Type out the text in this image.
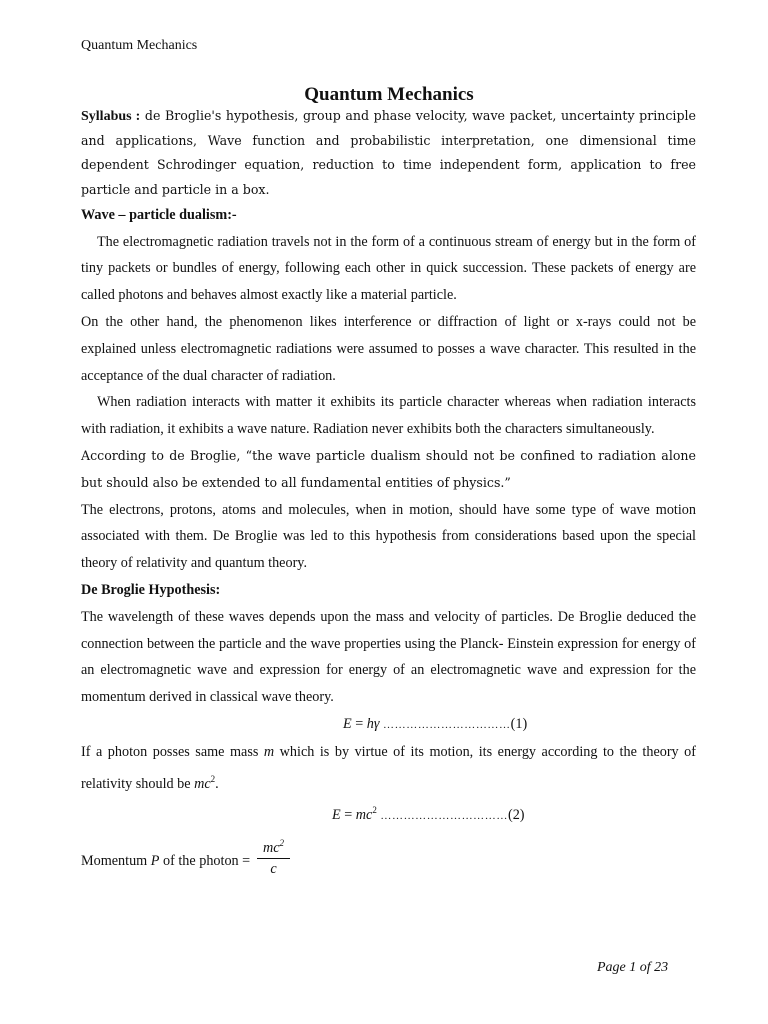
Quantum Mechanics
Quantum Mechanics

Syllabus : de Broglie's hypothesis, group and phase velocity, wave packet, uncertainty principle and applications, Wave function and probabilistic interpretation, one dimensional time dependent Schrodinger equation, reduction to time independent form, application to free particle and particle in a box.

Wave – particle dualism:-

The electromagnetic radiation travels not in the form of a continuous stream of energy but in the form of tiny packets or bundles of energy, following each other in quick succession. These packets of energy are called photons and behaves almost exactly like a material particle.

On the other hand, the phenomenon likes interference or diffraction of light or x-rays could not be explained unless electromagnetic radiations were assumed to posses a wave character. This resulted in the acceptance of the dual character of radiation.

When radiation interacts with matter it exhibits its particle character whereas when radiation interacts with radiation, it exhibits a wave nature. Radiation never exhibits both the characters simultaneously.

According to de Broglie, “the wave particle dualism should not be confined to radiation alone but should also be extended to all fundamental entities of physics.”

The electrons, protons, atoms and molecules, when in motion, should have some type of wave motion associated with them. De Broglie was led to this hypothesis from considerations based upon the special theory of relativity and quantum theory.

De Broglie Hypothesis:

The wavelength of these waves depends upon the mass and velocity of particles. De Broglie deduced the connection between the particle and the wave properties using the Planck- Einstein expression for energy of an electromagnetic wave and expression for energy of an electromagnetic wave and expression for the momentum derived in classical wave theory.

E = hγ ……………………………(1)

If a photon posses same mass m which is by virtue of its motion, its energy according to the theory of relativity should be $mc^2$.

$E = mc^2$ ……………………………(2)

Momentum P of the photon = $\frac{mc^2}{c}$
Page 1 of 23
